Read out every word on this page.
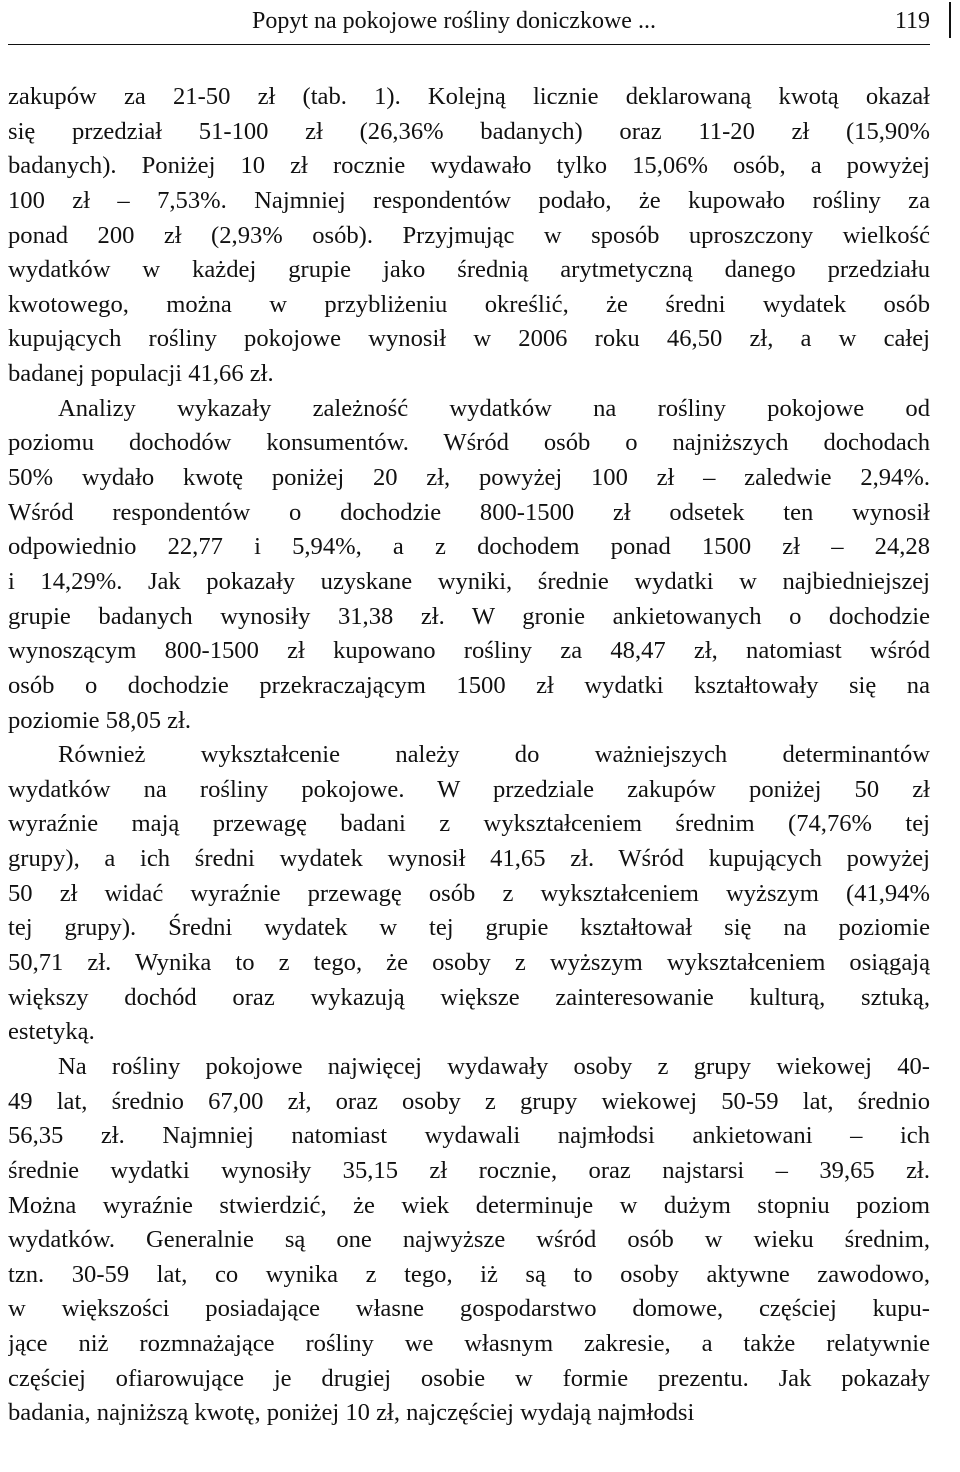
Popyt na pokojowe rośliny doniczkowe ...	119
zakupów za 21-50 zł (tab. 1). Kolejną licznie deklarowaną kwotą okazał
się przedział 51-100 zł (26,36% badanych) oraz 11-20 zł (15,90%
badanych). Poniżej 10 zł rocznie wydawało tylko 15,06% osób, a powyżej
100 zł – 7,53%. Najmniej respondentów podało, że kupowało rośliny za
ponad 200 zł (2,93% osób). Przyjmując w sposób uproszczony wielkość
wydatków w każdej grupie jako średnią arytmetyczną danego przedziału
kwotowego, można w przybliżeniu określić, że średni wydatek osób
kupujących rośliny pokojowe wynosił w 2006 roku 46,50 zł, a w całej
badanej populacji 41,66 zł.
Analizy wykazały zależność wydatków na rośliny pokojowe od
poziomu dochodów konsumentów. Wśród osób o najniższych dochodach
50% wydało kwotę poniżej 20 zł, powyżej 100 zł – zaledwie 2,94%.
Wśród respondentów o dochodzie 800-1500 zł odsetek ten wynosił
odpowiednio 22,77 i 5,94%, a z dochodem ponad 1500 zł – 24,28
i 14,29%. Jak pokazały uzyskane wyniki, średnie wydatki w najbiedniejszej
grupie badanych wynosiły 31,38 zł. W gronie ankietowanych o dochodzie
wynoszącym 800-1500 zł kupowano rośliny za 48,47 zł, natomiast wśród
osób o dochodzie przekraczającym 1500 zł wydatki kształtowały się na
poziomie 58,05 zł.
Również wykształcenie należy do ważniejszych determinantów
wydatków na rośliny pokojowe. W przedziale zakupów poniżej 50 zł
wyraźnie mają przewagę badani z wykształceniem średnim (74,76% tej
grupy), a ich średni wydatek wynosił 41,65 zł. Wśród kupujących powyżej
50 zł widać wyraźnie przewagę osób z wykształceniem wyższym (41,94%
tej grupy). Średni wydatek w tej grupie kształtował się na poziomie
50,71 zł. Wynika to z tego, że osoby z wyższym wykształceniem osiągają
większy dochód oraz wykazują większe zainteresowanie kulturą, sztuką,
estetyką.
Na rośliny pokojowe najwięcej wydawały osoby z grupy wiekowej 40-
49 lat, średnio 67,00 zł, oraz osoby z grupy wiekowej 50-59 lat, średnio
56,35 zł. Najmniej natomiast wydawali najmłodsi ankietowani – ich
średnie wydatki wynosiły 35,15 zł rocznie, oraz najstarsi – 39,65 zł.
Można wyraźnie stwierdzić, że wiek determinuje w dużym stopniu poziom
wydatków. Generalnie są one najwyższe wśród osób w wieku średnim,
tzn. 30-59 lat, co wynika z tego, iż są to osoby aktywne zawodowo,
w większości posiadające własne gospodarstwo domowe, częściej kupu-
jące niż rozmnażające rośliny we własnym zakresie, a także relatywnie
częściej ofiarowujące je drugiej osobie w formie prezentu. Jak pokazały
badania, najniższą kwotę, poniżej 10 zł, najczęściej wydają najmłodsi
